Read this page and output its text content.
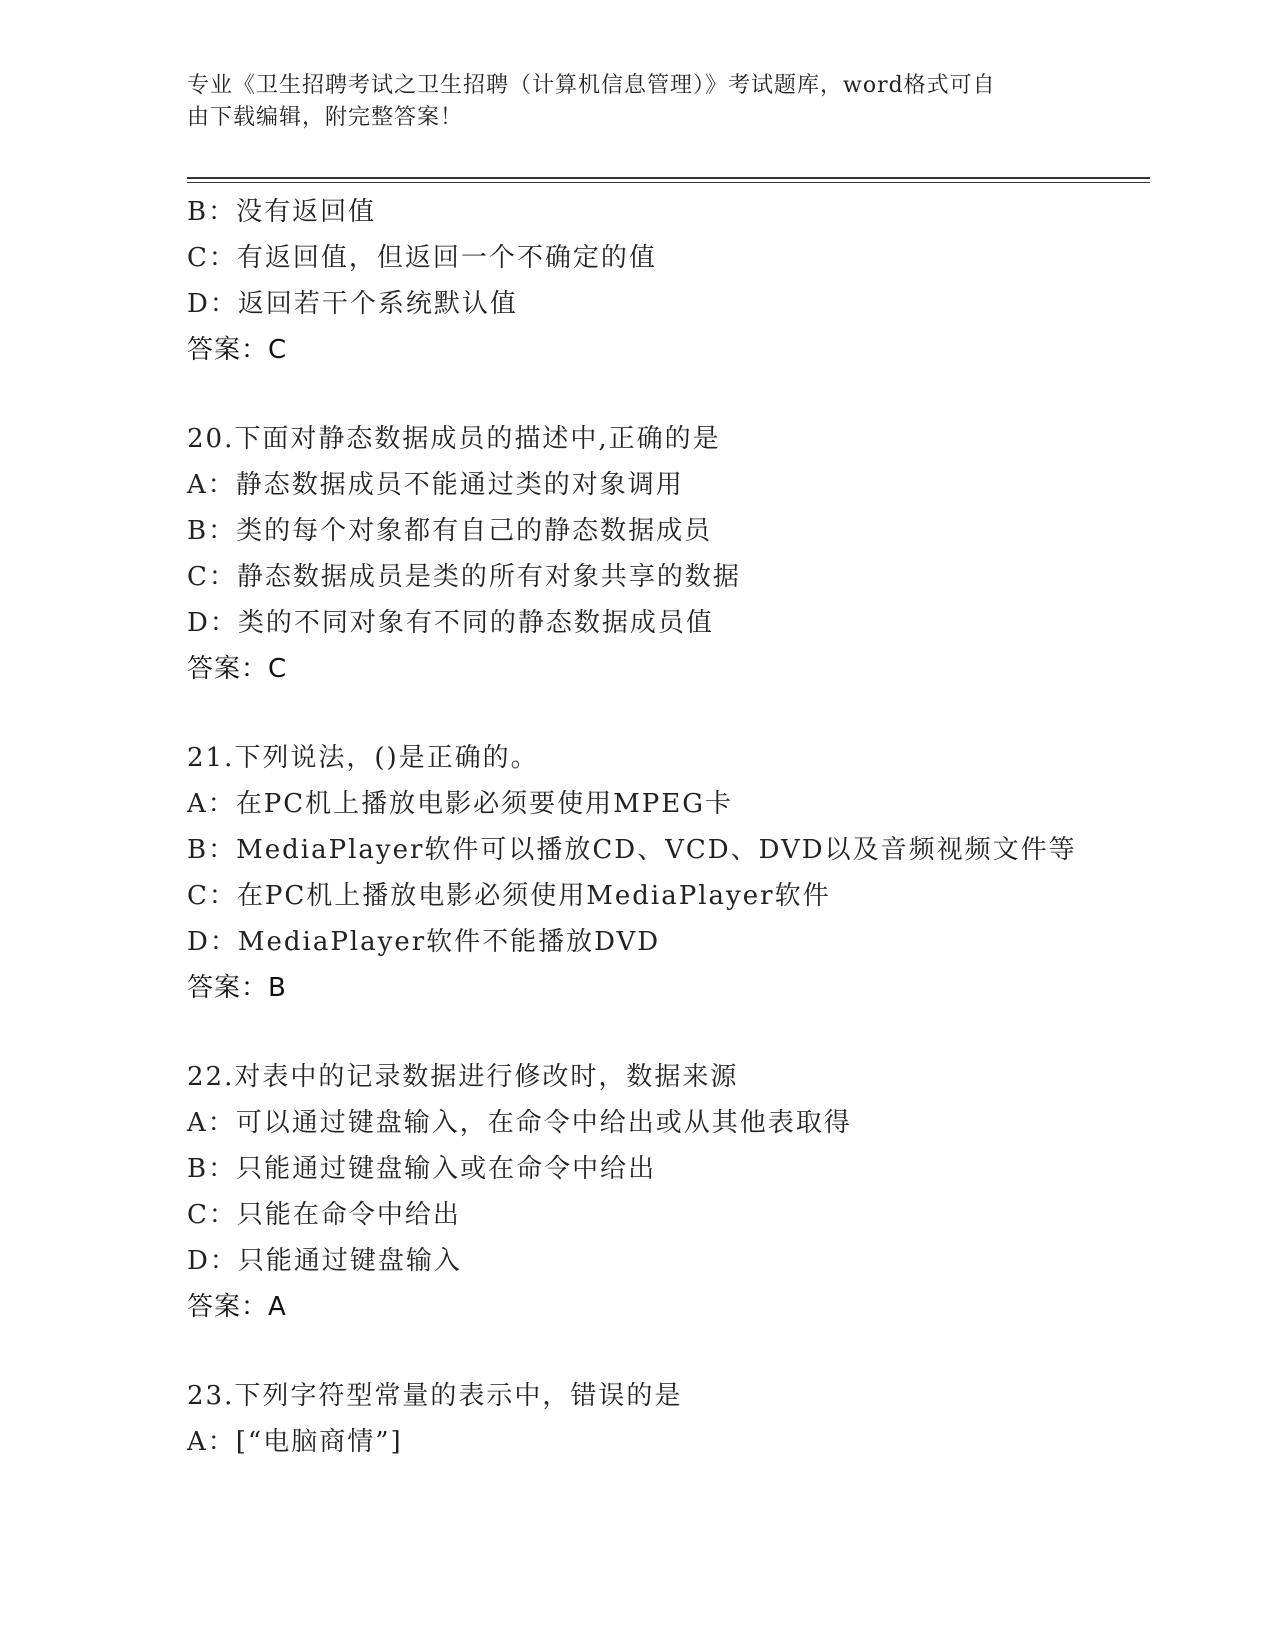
专业《卫生招聘考试之卫生招聘（计算机信息管理）》考试题库，word格式可自
由下载编辑，附完整答案！
B：没有返回值
C：有返回值，但返回一个不确定的值
D：返回若干个系统默认值
答案：C
20.下面对静态数据成员的描述中,正确的是
A：静态数据成员不能通过类的对象调用
B：类的每个对象都有自己的静态数据成员
C：静态数据成员是类的所有对象共享的数据
D：类的不同对象有不同的静态数据成员值
答案：C
21.下列说法，()是正确的。
A：在PC机上播放电影必须要使用MPEG卡
B：MediaPlayer软件可以播放CD、VCD、DVD以及音频视频文件等
C：在PC机上播放电影必须使用MediaPlayer软件
D：MediaPlayer软件不能播放DVD
答案：B
22.对表中的记录数据进行修改时，数据来源
A：可以通过键盘输入，在命令中给出或从其他表取得
B：只能通过键盘输入或在命令中给出
C：只能在命令中给出
D：只能通过键盘输入
答案：A
23.下列字符型常量的表示中，错误的是
A：[“电脑商情”]
